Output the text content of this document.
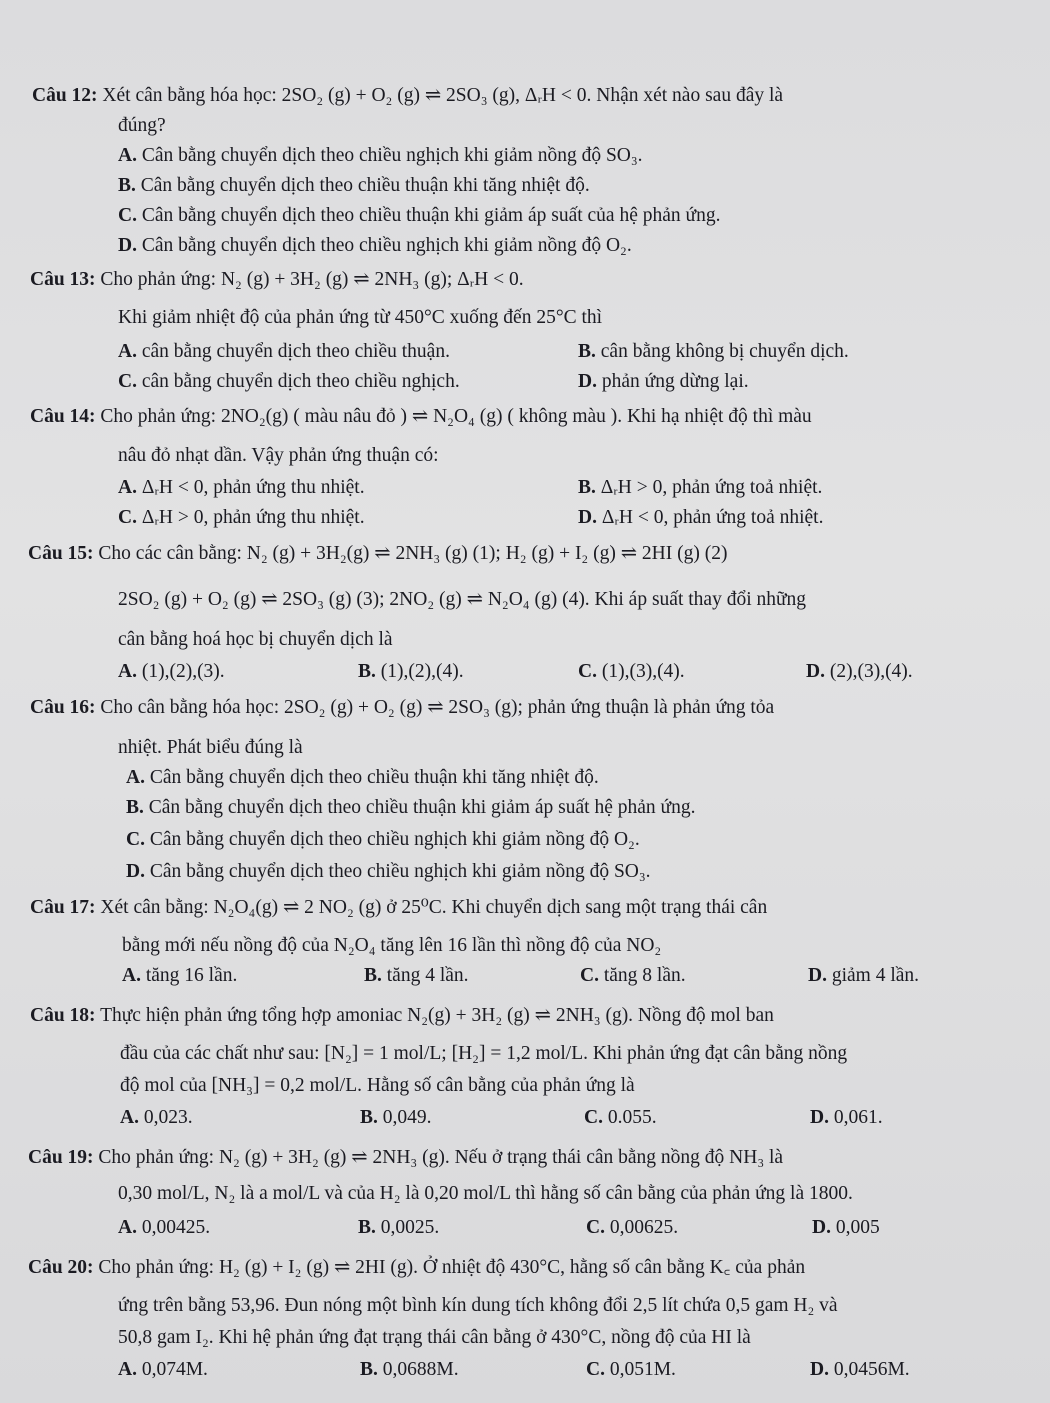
Câu 12: Xét cân bằng hóa học: 2SO₂ (g) + O₂ (g) ⇌ 2SO₃ (g), ΔᵣH < 0. Nhận xét nào sau đây là
đúng?
A. Cân bằng chuyển dịch theo chiều nghịch khi giảm nồng độ SO₃.
B. Cân bằng chuyển dịch theo chiều thuận khi tăng nhiệt độ.
C. Cân bằng chuyển dịch theo chiều thuận khi giảm áp suất của hệ phản ứng.
D. Cân bằng chuyển dịch theo chiều nghịch khi giảm nồng độ O₂.
Câu 13: Cho phản ứng: N₂ (g) + 3H₂ (g) ⇌ 2NH₃ (g); ΔᵣH < 0.
Khi giảm nhiệt độ của phản ứng từ 450°C xuống đến 25°C thì
A. cân bằng chuyển dịch theo chiều thuận.	B. cân bằng không bị chuyển dịch.
C. cân bằng chuyển dịch theo chiều nghịch.	D. phản ứng dừng lại.
Câu 14: Cho phản ứng: 2NO₂(g) ( màu nâu đỏ ) ⇌ N₂O₄ (g) ( không màu ). Khi hạ nhiệt độ thì màu
nâu đỏ nhạt dần. Vậy phản ứng thuận có:
A. ΔᵣH < 0, phản ứng thu nhiệt.	B. ΔᵣH > 0, phản ứng toả nhiệt.
C. ΔᵣH > 0, phản ứng thu nhiệt.	D. ΔᵣH < 0, phản ứng toả nhiệt.
Câu 15: Cho các cân bằng: N₂ (g) + 3H₂(g) ⇌ 2NH₃ (g) (1); H₂ (g) + I₂ (g) ⇌ 2HI (g) (2)
2SO₂ (g) + O₂ (g) ⇌ 2SO₃ (g) (3); 2NO₂ (g) ⇌ N₂O₄ (g) (4). Khi áp suất thay đổi những
cân bằng hoá học bị chuyển dịch là
A. (1),(2),(3).	B. (1),(2),(4).	C. (1),(3),(4).	D. (2),(3),(4).
Câu 16: Cho cân bằng hóa học: 2SO₂ (g) + O₂ (g) ⇌ 2SO₃ (g); phản ứng thuận là phản ứng tỏa
nhiệt. Phát biểu đúng là
A. Cân bằng chuyển dịch theo chiều thuận khi tăng nhiệt độ.
B. Cân bằng chuyển dịch theo chiều thuận khi giảm áp suất hệ phản ứng.
C. Cân bằng chuyển dịch theo chiều nghịch khi giảm nồng độ O₂.
D. Cân bằng chuyển dịch theo chiều nghịch khi giảm nồng độ SO₃.
Câu 17: Xét cân bằng: N₂O₄(g) ⇌ 2 NO₂ (g) ở 25⁰C. Khi chuyển dịch sang một trạng thái cân
bằng mới nếu nồng độ của N₂O₄ tăng lên 16 lần thì nồng độ của NO₂
A. tăng 16 lần.	B. tăng 4 lần.	C. tăng 8 lần.	D. giảm 4 lần.
Câu 18: Thực hiện phản ứng tổng hợp amoniac N₂(g) + 3H₂ (g) ⇌ 2NH₃ (g). Nồng độ mol ban
đầu của các chất như sau: [N₂] = 1 mol/L; [H₂] = 1,2 mol/L. Khi phản ứng đạt cân bằng nồng
độ mol của [NH₃] = 0,2 mol/L. Hằng số cân bằng của phản ứng là
A. 0,023.	B. 0,049.	C. 0.055.	D. 0,061.
Câu 19: Cho phản ứng: N₂ (g) + 3H₂ (g) ⇌ 2NH₃ (g). Nếu ở trạng thái cân bằng nồng độ NH₃ là
0,30 mol/L, N₂ là a mol/L và của H₂ là 0,20 mol/L thì hằng số cân bằng của phản ứng là 1800.
A. 0,00425.	B. 0,0025.	C. 0,00625.	D. 0,005
Câu 20: Cho phản ứng: H₂ (g) + I₂ (g) ⇌ 2HI (g). Ở nhiệt độ 430°C, hằng số cân bằng K꜀ của phản
ứng trên bằng 53,96. Đun nóng một bình kín dung tích không đổi 2,5 lít chứa 0,5 gam H₂ và
50,8 gam I₂. Khi hệ phản ứng đạt trạng thái cân bằng ở 430°C, nồng độ của HI là
A. 0,074M.	B. 0,0688M.	C. 0,051M.	D. 0,0456M.
